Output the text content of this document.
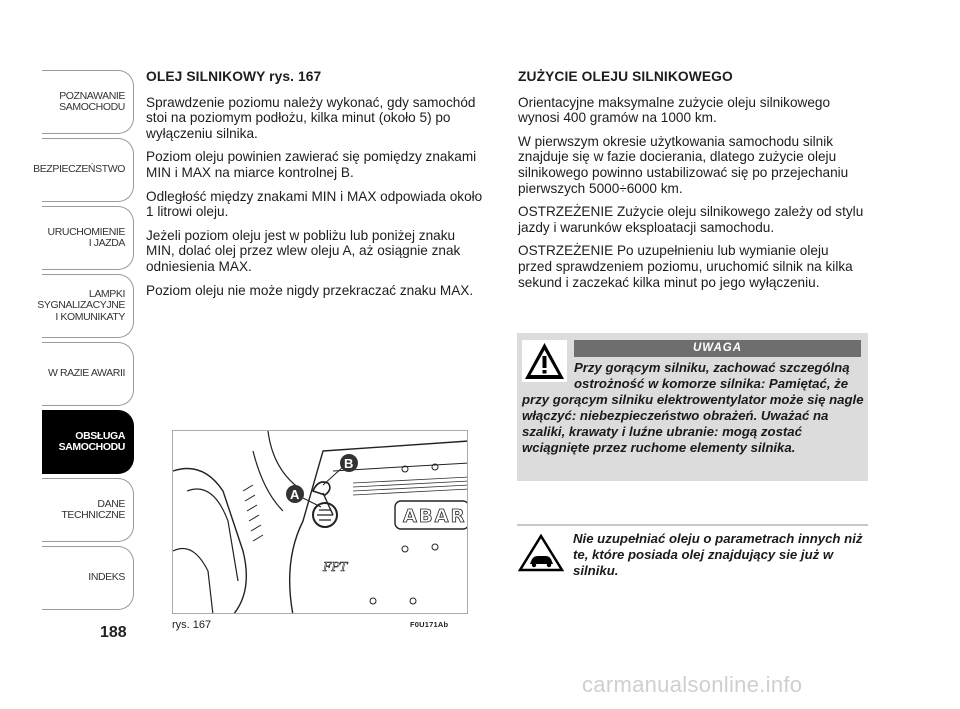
POZNAWANIE
SAMOCHODU
BEZPIECZEŃSTWO
URUCHOMIENIE
I JAZDA
LAMPKI
SYGNALIZACYJNE
I KOMUNIKATY
W RAZIE AWARII
OBSŁUGA
SAMOCHODU
DANE
TECHNICZNE
INDEKS
188
OLEJ SILNIKOWY rys. 167

Sprawdzenie poziomu należy wykonać, gdy samochód stoi na poziomym podłożu, kilka minut (około 5) po wyłączeniu silnika.

Poziom oleju powinien zawierać się pomiędzy znakami MIN i MAX na miarce kontrolnej B.

Odległość między znakami MIN i MAX odpowiada około 1 litrowi oleju.

Jeżeli poziom oleju jest w pobliżu lub poniżej znaku MIN, dolać olej przez wlew oleju A, aż osiągnie znak odniesienia MAX.

Poziom oleju nie może nigdy przekraczać znaku MAX.

ZUŻYCIE OLEJU SILNIKOWEGO

Orientacyjne maksymalne zużycie oleju silnikowego wynosi 400 gramów na 1000 km.

W pierwszym okresie użytkowania samochodu silnik znajduje się w fazie docierania, dlatego zużycie oleju silnikowego powinno ustabilizować się po przejechaniu pierwszych 5000÷6000 km.

OSTRZEŻENIE Zużycie oleju silnikowego zależy od stylu jazdy i warunków eksploatacji samochodu.

OSTRZEŻENIE Po uzupełnieniu lub wymianie oleju przed sprawdzeniem poziomu, uruchomić silnik na kilka sekund i zaczekać kilka minut po jego wyłączeniu.

ABAR
FPT
A
B
rys. 167	F0U171Ab
UWAGA
Przy gorącym silniku, zachować szczególną ostrożność w komorze silnika: Pamiętać, że przy gorącym silniku elektrowentylator może się nagle włączyć: niebezpieczeństwo obrażeń. Uważać na szaliki, krawaty i luźne ubranie: mogą zostać wciągnięte przez ruchome elementy silnika.
Nie uzupełniać oleju o parametrach innych niż te, które posiada olej znajdujący sie już w silniku.
carmanualsonline.info
